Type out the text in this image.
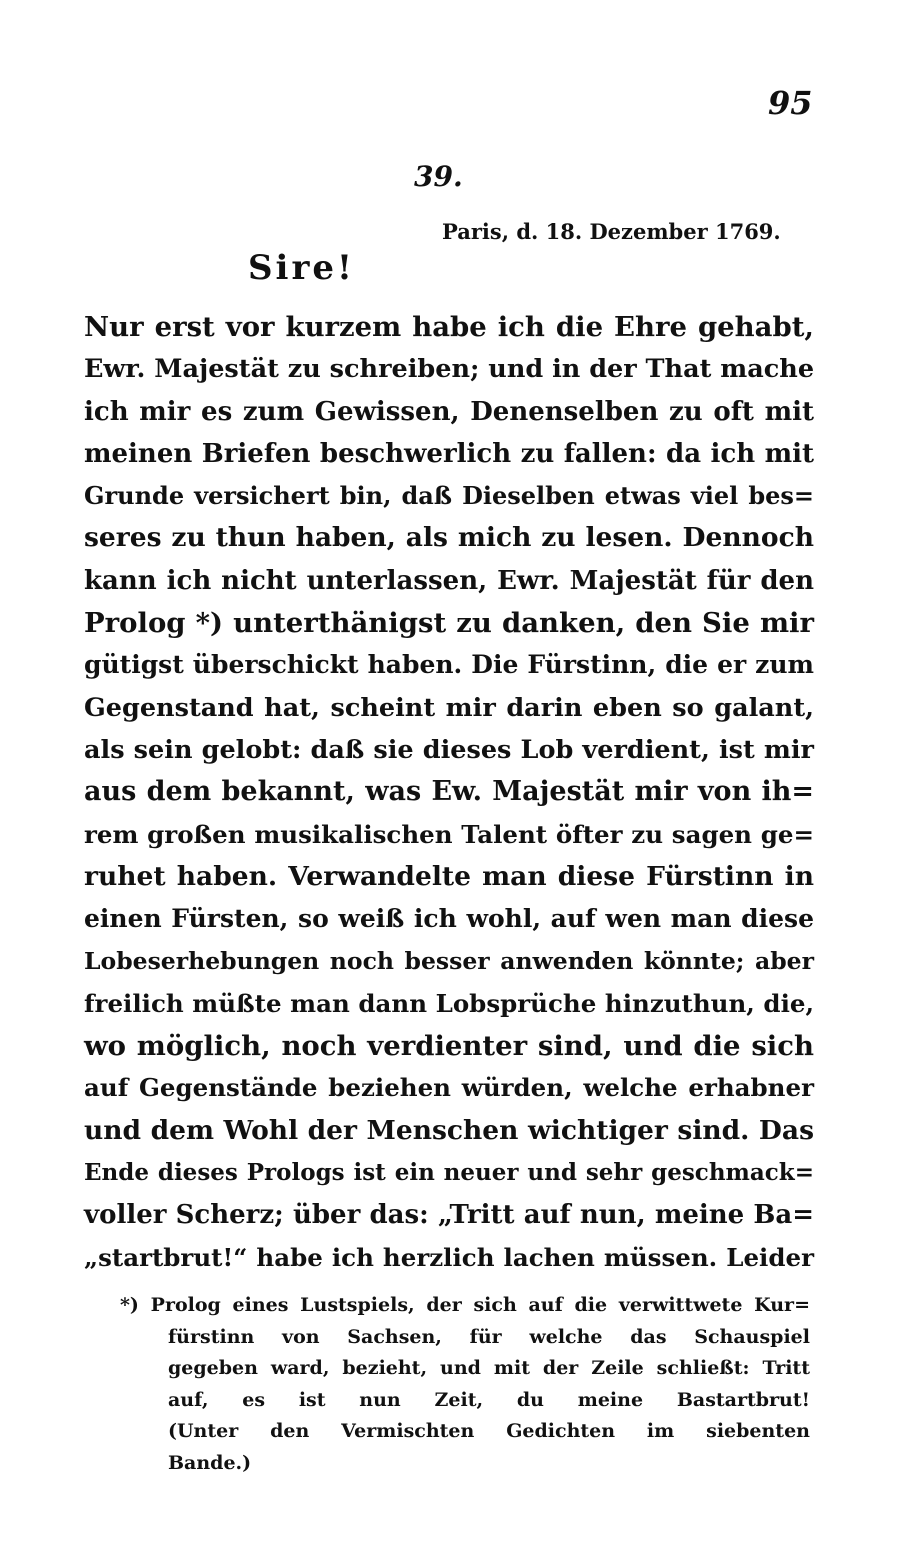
95
39.
Paris, d. 18. Dezember 1769.
Sire!
Nur erst vor kurzem habe ich die Ehre gehabt,
Ewr. Majestät zu schreiben; und in der That mache
ich mir es zum Gewissen, Denenselben zu oft mit
meinen Briefen beschwerlich zu fallen: da ich mit
Grunde versichert bin, daß Dieselben etwas viel bes=
seres zu thun haben, als mich zu lesen. Dennoch
kann ich nicht unterlassen, Ewr. Majestät für den
Prolog *) unterthänigst zu danken, den Sie mir
gütigst überschickt haben. Die Fürstinn, die er zum
Gegenstand hat, scheint mir darin eben so galant,
als sein gelobt: daß sie dieses Lob verdient, ist mir
aus dem bekannt, was Ew. Majestät mir von ih=
rem großen musikalischen Talent öfter zu sagen ge=
ruhet haben. Verwandelte man diese Fürstinn in
einen Fürsten, so weiß ich wohl, auf wen man diese
Lobeserhebungen noch besser anwenden könnte; aber
freilich müßte man dann Lobsprüche hinzuthun, die,
wo möglich, noch verdienter sind, und die sich
auf Gegenstände beziehen würden, welche erhabner
und dem Wohl der Menschen wichtiger sind. Das
Ende dieses Prologs ist ein neuer und sehr geschmack=
voller Scherz; über das: „Tritt auf nun, meine Ba=
„startbrut!“ habe ich herzlich lachen müssen. Leider
*) Prolog eines Lustspiels, der sich auf die verwittwete Kur=
fürstinn von Sachsen, für welche das Schauspiel
gegeben ward, bezieht, und mit der Zeile schließt: Tritt
auf, es ist nun Zeit, du meine Bastartbrut!
(Unter den Vermischten Gedichten im siebenten
Bande.)
